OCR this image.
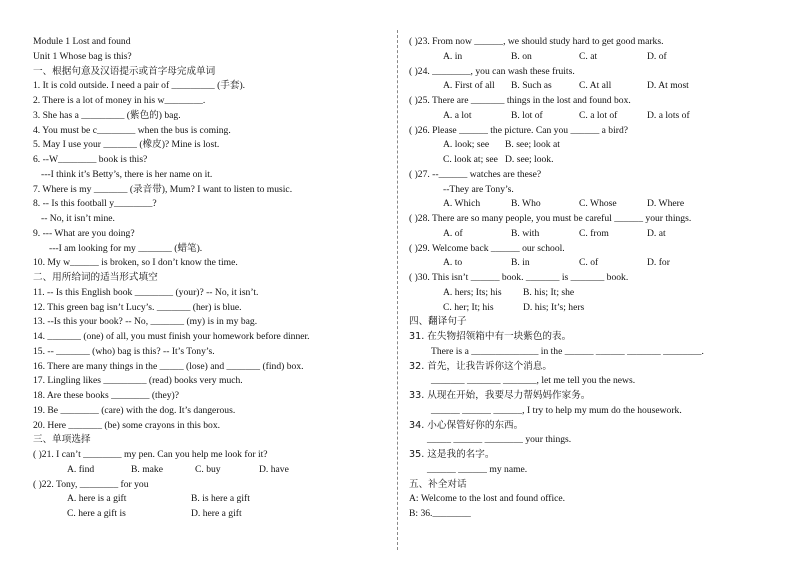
Module 1 Lost and found
Unit 1 Whose bag is this?
一、根据句意及汉语提示或首字母完成单词
1. It is cold outside. I need a pair of _________ (手套).
2. There is a lot of money in his w________.
3. She has a _________ (紫色的) bag.
4. You must be c________ when the bus is coming.
5. May I use your _______ (橡皮)? Mine is lost.
6. --W________ book is this?
---I think it’s Betty’s, there is her name on it.
7. Where is my _______ (录音带), Mum? I want to listen to music.
8. -- Is this football y________?
-- No, it isn’t mine.
9. --- What are you doing?
---I am looking for my _______ (蜡笔).
10. My w______ is broken, so I don’t know the time.
二、用所给词的适当形式填空
11. -- Is this English book ________ (your)? -- No, it isn’t.
12. This green bag isn’t Lucy’s. _______ (her) is blue.
13. --Is this your book? -- No, _______ (my) is in my bag.
14. _______ (one) of all, you must finish your homework before dinner.
15. -- _______ (who) bag is this? -- It’s Tony’s.
16. There are many things in the _____ (lose) and _______ (find) box.
17. Lingling likes _________ (read) books very much.
18. Are these books ________ (they)?
19. Be ________ (care) with the dog. It’s dangerous.
20. Here _______ (be) some crayons in this box.
三、单项选择
( )21. I can’t ________ my pen. Can you help me look for it?
A. find	B. make	C. buy	D. have
( )22. Tony, ________ for you
A. here is a gift	B. is here a gift
C. here a gift is	D. here a gift
( )23. From now ______, we should study hard to get good marks.
A. in	B. on	C. at	D. of
( )24. ________, you can wash these fruits.
A. First of all	B. Such as	C. At all	D. At most
( )25. There are _______ things in the lost and found box.
A. a lot	B. lot of	C. a lot of	D. a lots of
( )26. Please ______ the picture. Can you ______ a bird?
A. look; see	B. see; look at
C. look at; see D. see; look.
( )27. --______ watches are these?
--They are Tony’s.
A. Which	B. Who	C. Whose	D. Where
( )28. There are so many people, you must be careful ______ your things.
A. of	B. with	C. from	D. at
( )29. Welcome back ______ our school.
A. to	B. in	C. of	D. for
( )30. This isn’t ______ book. _______ is _______ book.
A. hers; Its; his	B. his; It; she
C. her; It; his	D. his; It’s; hers
四、翻译句子
31. 在失物招领箱中有一块紫色的表。
There is a ______________ in the ______ ______ _______ ________.
32. 首先，让我告诉你这个消息。
_______ _______ _______, let me tell you the news.
33. 从现在开始，我要尽力帮妈妈作家务。
______ ______ ______, I try to help my mum do the housework.
34. 小心保管好你的东西。
_____ ______ ________ your things.
35. 这是我的名字。
______ ______ my name.
五、补全对话
A: Welcome to the lost and found office.
B: 36.________
